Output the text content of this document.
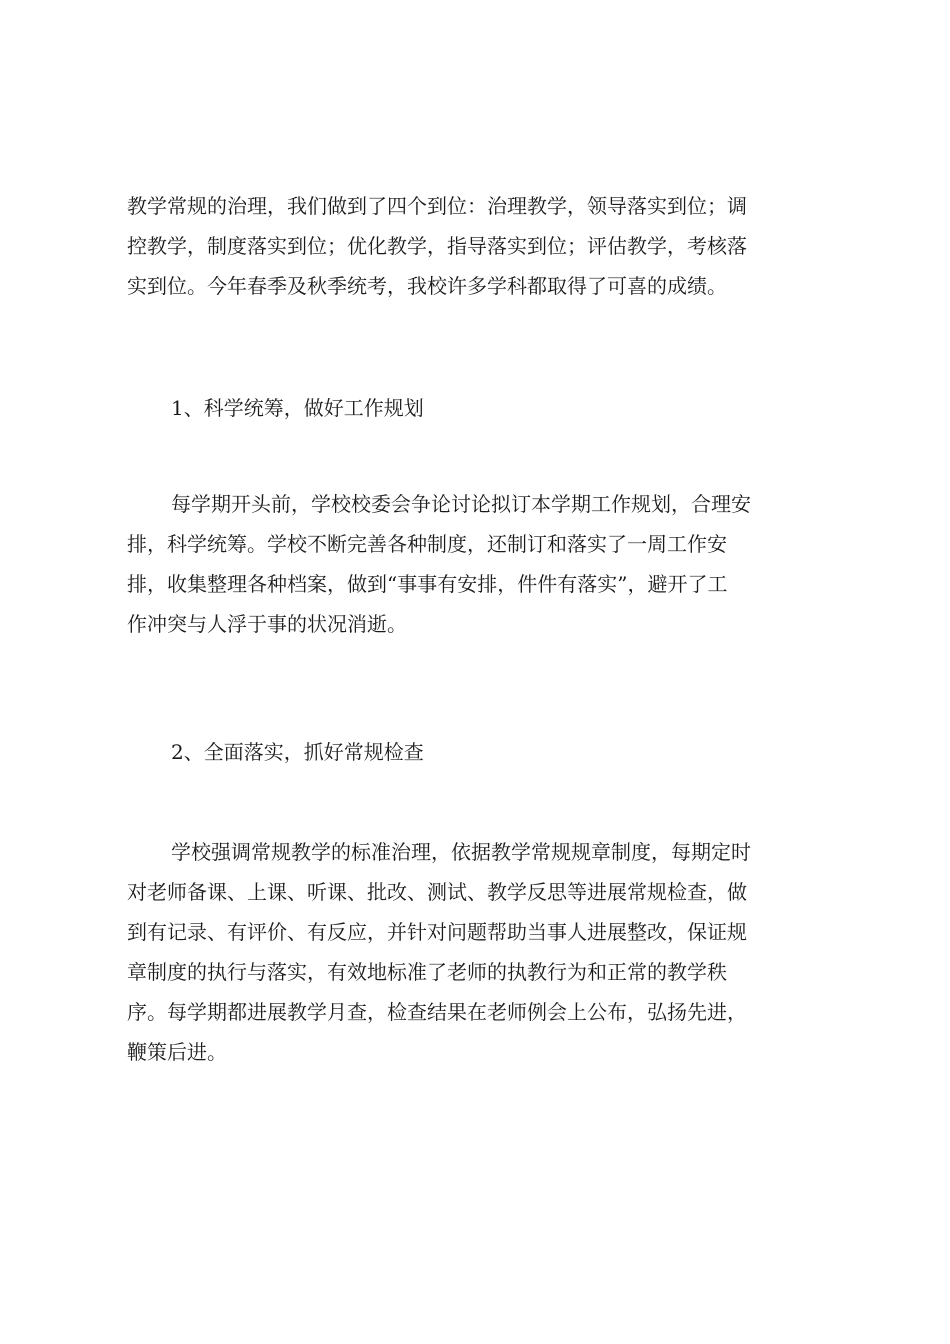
教学常规的治理，我们做到了四个到位：治理教学，领导落实到位；调
控教学，制度落实到位；优化教学，指导落实到位；评估教学，考核落
实到位。今年春季及秋季统考，我校许多学科都取得了可喜的成绩。

1、科学统筹，做好工作规划

每学期开头前，学校校委会争论讨论拟订本学期工作规划，合理安
排，科学统筹。学校不断完善各种制度，还制订和落实了一周工作安
排，收集整理各种档案，做到“事事有安排，件件有落实”，避开了工
作冲突与人浮于事的状况消逝。

2、全面落实，抓好常规检查

学校强调常规教学的标准治理，依据教学常规规章制度，每期定时
对老师备课、上课、听课、批改、测试、教学反思等进展常规检查，做
到有记录、有评价、有反应，并针对问题帮助当事人进展整改，保证规
章制度的执行与落实，有效地标准了老师的执教行为和正常的教学秩
序。每学期都进展教学月查，检查结果在老师例会上公布，弘扬先进，
鞭策后进。
